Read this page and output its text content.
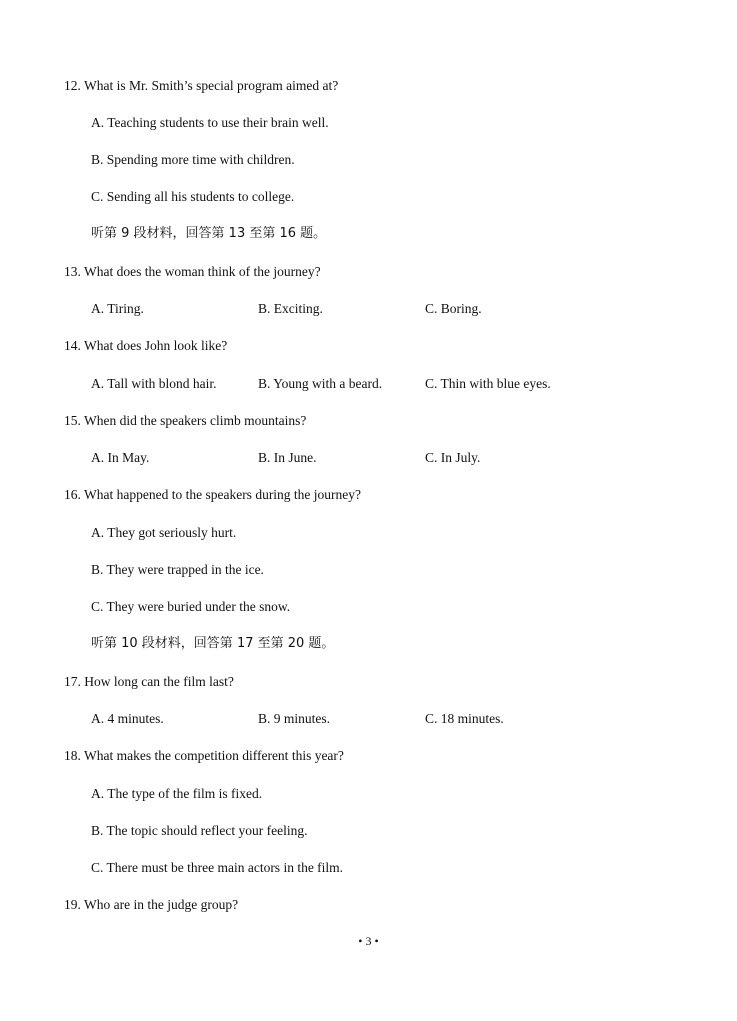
12. What is Mr. Smith’s special program aimed at?
A. Teaching students to use their brain well.
B. Spending more time with children.
C. Sending all his students to college.
听第 9 段材料，回答第 13 至第 16 题。
13. What does the woman think of the journey?
A. Tiring.	B. Exciting.	C. Boring.
14. What does John look like?
A. Tall with blond hair.	B. Young with a beard.	C. Thin with blue eyes.
15. When did the speakers climb mountains?
A. In May.	B. In June.	C. In July.
16. What happened to the speakers during the journey?
A. They got seriously hurt.
B. They were trapped in the ice.
C. They were buried under the snow.
听第 10 段材料，回答第 17 至第 20 题。
17. How long can the film last?
A. 4 minutes.	B. 9 minutes.	C. 18 minutes.
18. What makes the competition different this year?
A. The type of the film is fixed.
B. The topic should reflect your feeling.
C. There must be three main actors in the film.
19. Who are in the judge group?
• 3 •
